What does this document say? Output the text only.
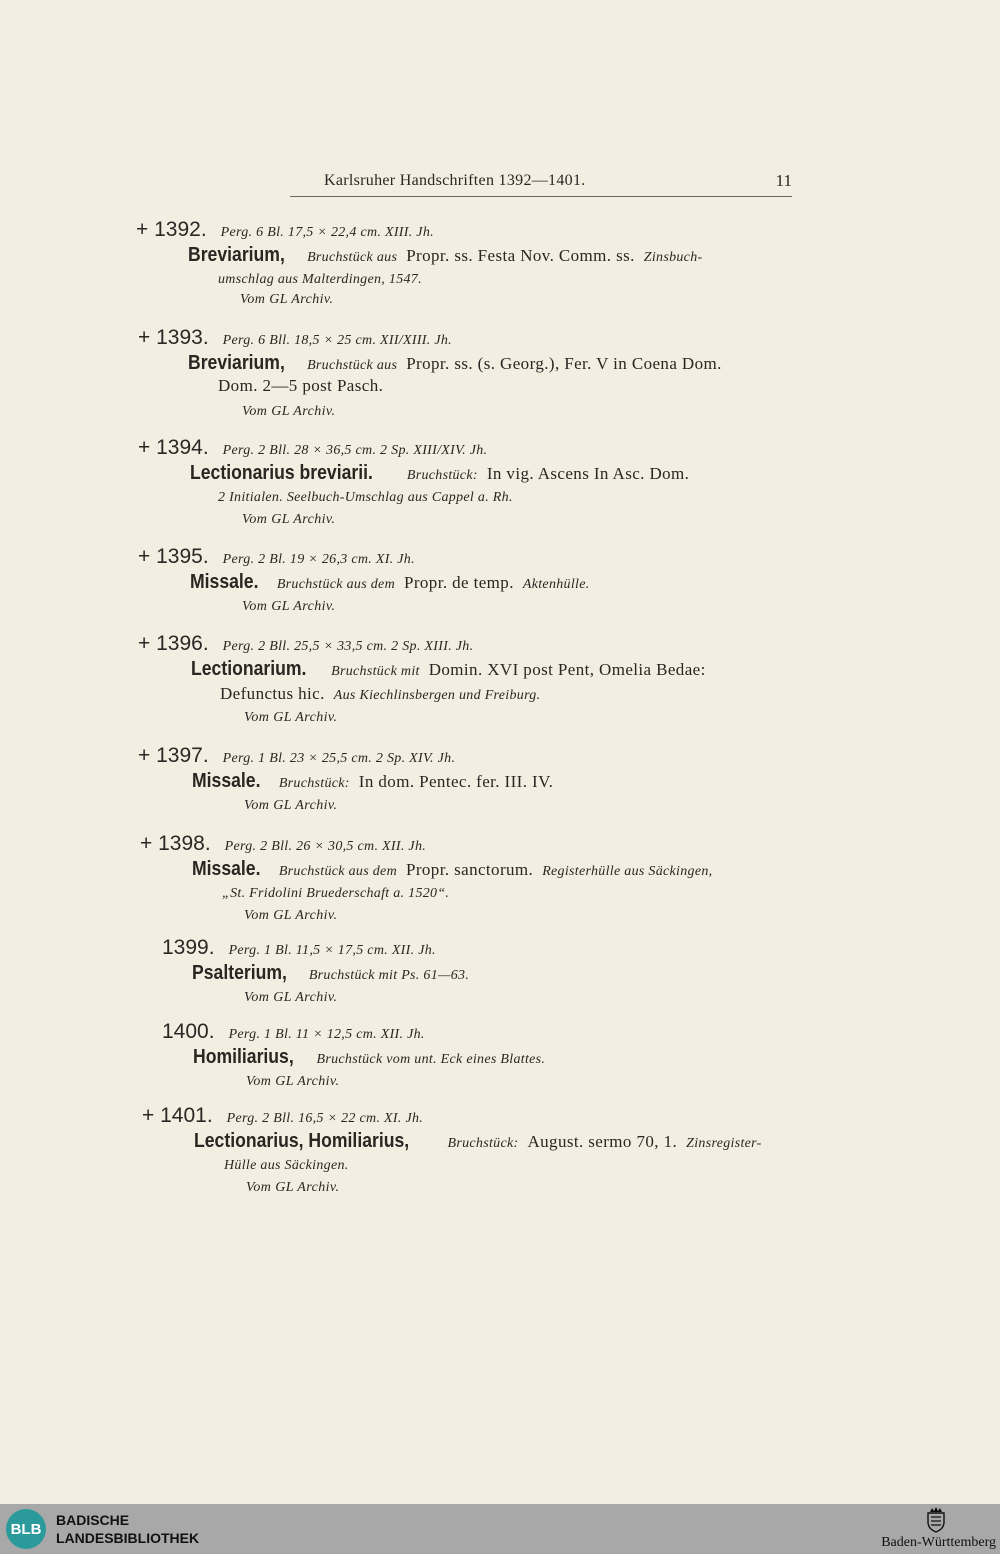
Karlsruher Handschriften 1392—1401.	11
+ 1392. Perg. 6 Bl. 17,5 × 22,4 cm. XIII. Jh.
Breviarium, Bruchstück aus Propr. ss. Festa Nov. Comm. ss. Zinsbuch-
umschlag aus Malterdingen, 1547.
Vom GL Archiv.
+ 1393. Perg. 6 Bll. 18,5 × 25 cm. XII/XIII. Jh.
Breviarium, Bruchstück aus Propr. ss. (s. Georg.), Fer. V in Coena Dom.
Dom. 2—5 post Pasch.
Vom GL Archiv.
+ 1394. Perg. 2 Bll. 28 × 36,5 cm. 2 Sp. XIII/XIV. Jh.
Lectionarius breviarii. Bruchstück: In vig. Ascens In Asc. Dom.
2 Initialen. Seelbuch-Umschlag aus Cappel a. Rh.
Vom GL Archiv.
+ 1395. Perg. 2 Bl. 19 × 26,3 cm. XI. Jh.
Missale. Bruchstück aus dem Propr. de temp. Aktenhülle.
Vom GL Archiv.
+ 1396. Perg. 2 Bll. 25,5 × 33,5 cm. 2 Sp. XIII. Jh.
Lectionarium. Bruchstück mit Domin. XVI post Pent, Omelia Bedae:
Defunctus hic. Aus Kiechlinsbergen und Freiburg.
Vom GL Archiv.
+ 1397. Perg. 1 Bl. 23 × 25,5 cm. 2 Sp. XIV. Jh.
Missale. Bruchstück: In dom. Pentec. fer. III. IV.
Vom GL Archiv.
+ 1398. Perg. 2 Bll. 26 × 30,5 cm. XII. Jh.
Missale. Bruchstück aus dem Propr. sanctorum. Registerhülle aus Säckingen,
„St. Fridolini Bruederschaft a. 1520“.
Vom GL Archiv.
1399. Perg. 1 Bl. 11,5 × 17,5 cm. XII. Jh.
Psalterium, Bruchstück mit Ps. 61—63.
Vom GL Archiv.
1400. Perg. 1 Bl. 11 × 12,5 cm. XII. Jh.
Homiliarius, Bruchstück vom unt. Eck eines Blattes.
Vom GL Archiv.
+ 1401. Perg. 2 Bll. 16,5 × 22 cm. XI. Jh.
Lectionarius, Homiliarius,	Bruchstück: August. sermo 70, 1. Zinsregister-
Hülle aus Säckingen.
Vom GL Archiv.
BLB
BADISCHE
LANDESBIBLIOTHEK	Baden-Württemberg
